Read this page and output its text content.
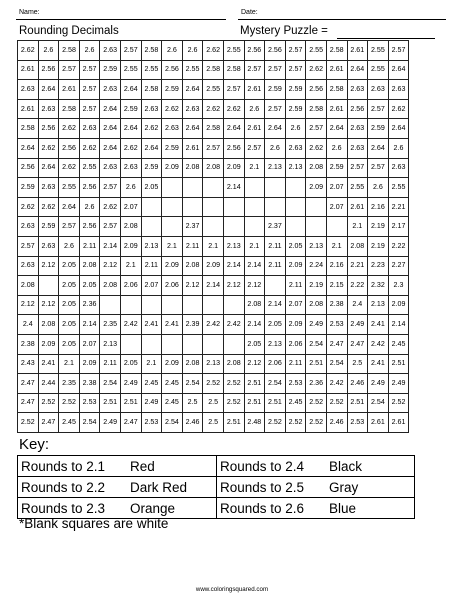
Name:	Date:
Rounding Decimals	Mystery Puzzle =
2.62	2.6	2.58	2.6	2.63	2.57	2.58	2.6	2.6	2.62	2.55	2.56	2.56	2.57	2.55	2.58	2.61	2.55	2.57
2.61	2.56	2.57	2.57	2.59	2.55	2.55	2.56	2.55	2.58	2.58	2.57	2.57	2.57	2.62	2.61	2.64	2.55	2.64
2.63	2.64	2.61	2.57	2.63	2.64	2.58	2.59	2.64	2.55	2.57	2.61	2.59	2.59	2.56	2.58	2.63	2.63	2.63
2.61	2.63	2.58	2.57	2.64	2.59	2.63	2.62	2.63	2.62	2.62	2.6	2.57	2.59	2.58	2.61	2.56	2.57	2.62
2.58	2.56	2.62	2.63	2.64	2.64	2.62	2.63	2.64	2.58	2.64	2.61	2.64	2.6	2.57	2.64	2.63	2.59	2.64
2.64	2.62	2.56	2.62	2.64	2.62	2.64	2.59	2.61	2.57	2.56	2.57	2.6	2.63	2.62	2.6	2.63	2.64	2.6
2.56	2.64	2.62	2.55	2.63	2.63	2.59	2.09	2.08	2.08	2.09	2.1	2.13	2.13	2.08	2.59	2.57	2.57	2.63
2.59	2.63	2.55	2.56	2.57	2.6	2.05				2.14				2.09	2.07	2.55	2.6	2.55
2.62	2.62	2.64	2.6	2.62	2.07										2.07	2.61	2.16	2.21
2.63	2.59	2.57	2.56	2.57	2.08			2.37				2.37				2.1	2.19	2.17
2.57	2.63	2.6	2.11	2.14	2.09	2.13	2.1	2.11	2.1	2.13	2.1	2.11	2.05	2.13	2.1	2.08	2.19	2.22
2.63	2.12	2.05	2.08	2.12	2.1	2.11	2.09	2.08	2.09	2.14	2.14	2.11	2.09	2.24	2.16	2.21	2.23	2.27
2.08		2.05	2.05	2.08	2.06	2.07	2.06	2.12	2.14	2.12	2.12		2.11	2.19	2.15	2.22	2.32	2.3
2.12	2.12	2.05	2.36								2.08	2.14	2.07	2.08	2.38	2.4	2.13	2.09
2.4	2.08	2.05	2.14	2.35	2.42	2.41	2.41	2.39	2.42	2.42	2.14	2.05	2.09	2.49	2.53	2.49	2.41	2.14
2.38	2.09	2.05	2.07	2.13							2.05	2.13	2.06	2.54	2.47	2.47	2.42	2.45
2.43	2.41	2.1	2.09	2.11	2.05	2.1	2.09	2.08	2.13	2.08	2.12	2.06	2.11	2.51	2.54	2.5	2.41	2.51
2.47	2.44	2.35	2.38	2.54	2.49	2.45	2.45	2.54	2.52	2.52	2.51	2.54	2.53	2.36	2.42	2.46	2.49	2.49
2.47	2.52	2.52	2.53	2.51	2.51	2.49	2.45	2.5	2.5	2.52	2.51	2.51	2.45	2.52	2.52	2.51	2.54	2.52
2.52	2.47	2.45	2.54	2.49	2.47	2.53	2.54	2.46	2.5	2.51	2.48	2.52	2.52	2.52	2.46	2.53	2.61	2.61
Key:
Rounds to 2.1 Red	Rounds to 2.4 Black
Rounds to 2.2 Dark Red	Rounds to 2.5 Gray
Rounds to 2.3 Orange	Rounds to 2.6 Blue
*Blank squares are white
www.coloringsquared.com
